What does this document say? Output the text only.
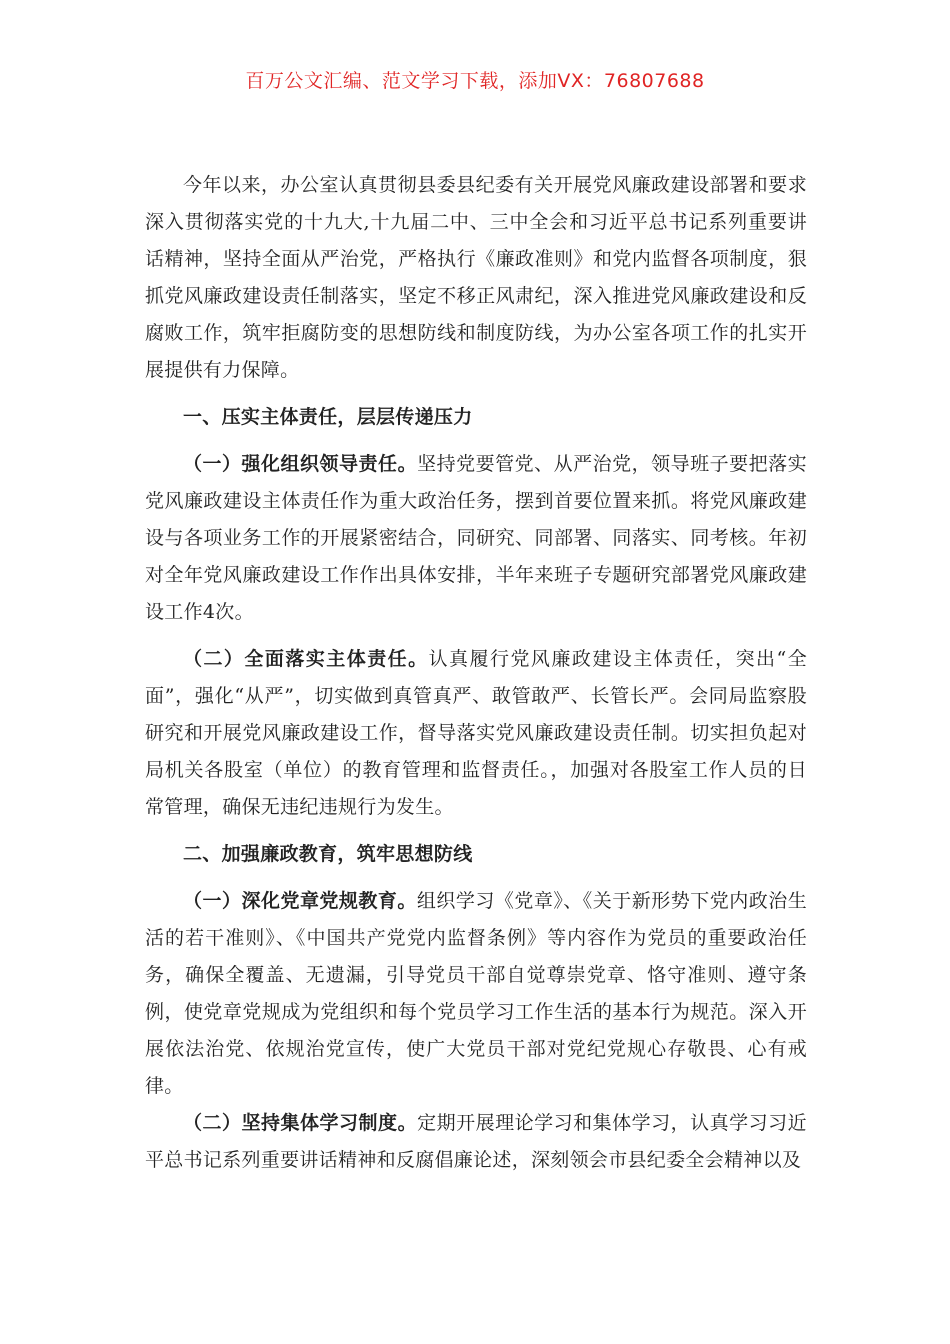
百万公文汇编、范文学习下载，添加VX：76807688

今年以来，办公室认真贯彻县委县纪委有关开展党风廉政建设部署和要求深入贯彻落实党的十九大,十九届二中、三中全会和习近平总书记系列重要讲话精神，坚持全面从严治党，严格执行《廉政准则》和党内监督各项制度，狠抓党风廉政建设责任制落实，坚定不移正风肃纪，深入推进党风廉政建设和反腐败工作，筑牢拒腐防变的思想防线和制度防线，为办公室各项工作的扎实开展提供有力保障。

一、压实主体责任，层层传递压力

（一）强化组织领导责任。坚持党要管党、从严治党，领导班子要把落实党风廉政建设主体责任作为重大政治任务，摆到首要位置来抓。将党风廉政建设与各项业务工作的开展紧密结合，同研究、同部署、同落实、同考核。年初对全年党风廉政建设工作作出具体安排，半年来班子专题研究部署党风廉政建设工作4次。

（二）全面落实主体责任。认真履行党风廉政建设主体责任，突出“全面”，强化“从严”，切实做到真管真严、敢管敢严、长管长严。会同局监察股研究和开展党风廉政建设工作，督导落实党风廉政建设责任制。切实担负起对局机关各股室（单位）的教育管理和监督责任。，加强对各股室工作人员的日常管理，确保无违纪违规行为发生。

二、加强廉政教育，筑牢思想防线

（一）深化党章党规教育。组织学习《党章》、《关于新形势下党内政治生活的若干准则》、《中国共产党党内监督条例》等内容作为党员的重要政治任务，确保全覆盖、无遗漏，引导党员干部自觉尊崇党章、恪守准则、遵守条例，使党章党规成为党组织和每个党员学习工作生活的基本行为规范。深入开展依法治党、依规治党宣传，使广大党员干部对党纪党规心存敬畏、心有戒律。

（二）坚持集体学习制度。定期开展理论学习和集体学习，认真学习习近平总书记系列重要讲话精神和反腐倡廉论述，深刻领会市县纪委全会精神以及
